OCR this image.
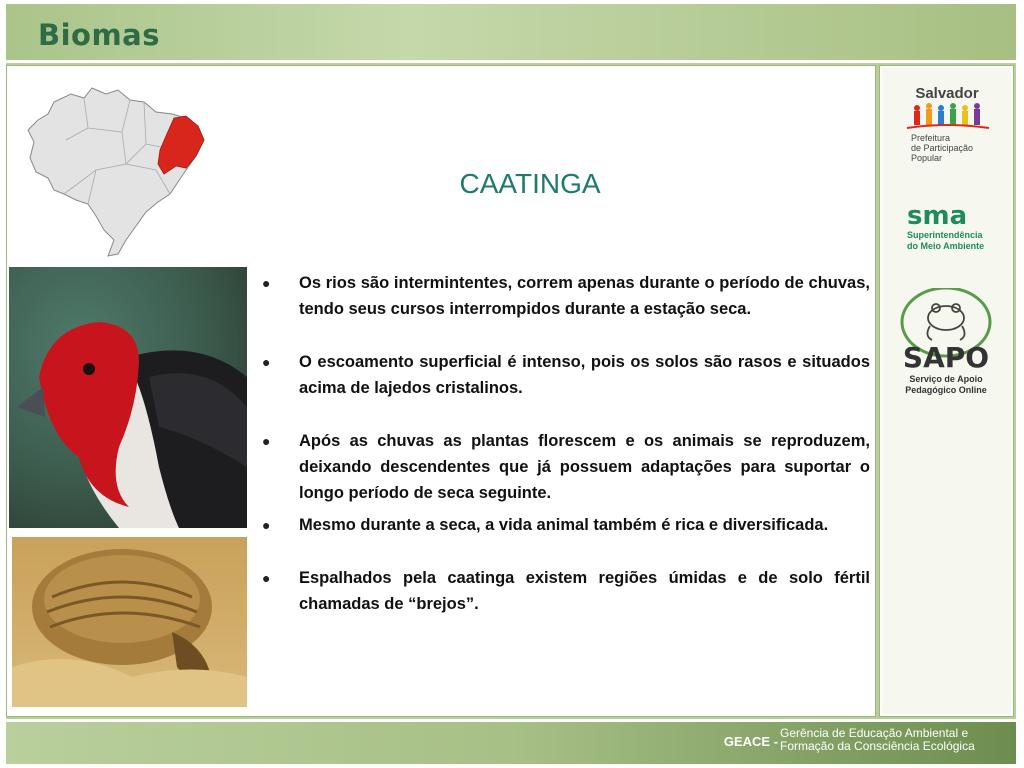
Biomas
CAATINGA
● Os rios são intermintentes, correm apenas durante o período de chuvas, tendo seus cursos interrompidos durante a estação seca.
● O escoamento superficial é intenso, pois os solos são rasos e situados acima de lajedos cristalinos.
● Após as chuvas as plantas florescem e os animais se reproduzem, deixando descendentes que já possuem adaptações para suportar o longo período de seca seguinte.
● Mesmo durante a seca, a vida animal também é rica e diversificada.
● Espalhados pela caatinga existem regiões úmidas e de solo fértil chamadas de “brejos”.
Salvador
Prefeitura
de Participação
Popular
sma
Superintendência
do Meio Ambiente
SAPO
Serviço de Apoio
Pedagógico Online
GEACE -
Gerência de Educação Ambiental e
Formação da Consciência Ecológica
